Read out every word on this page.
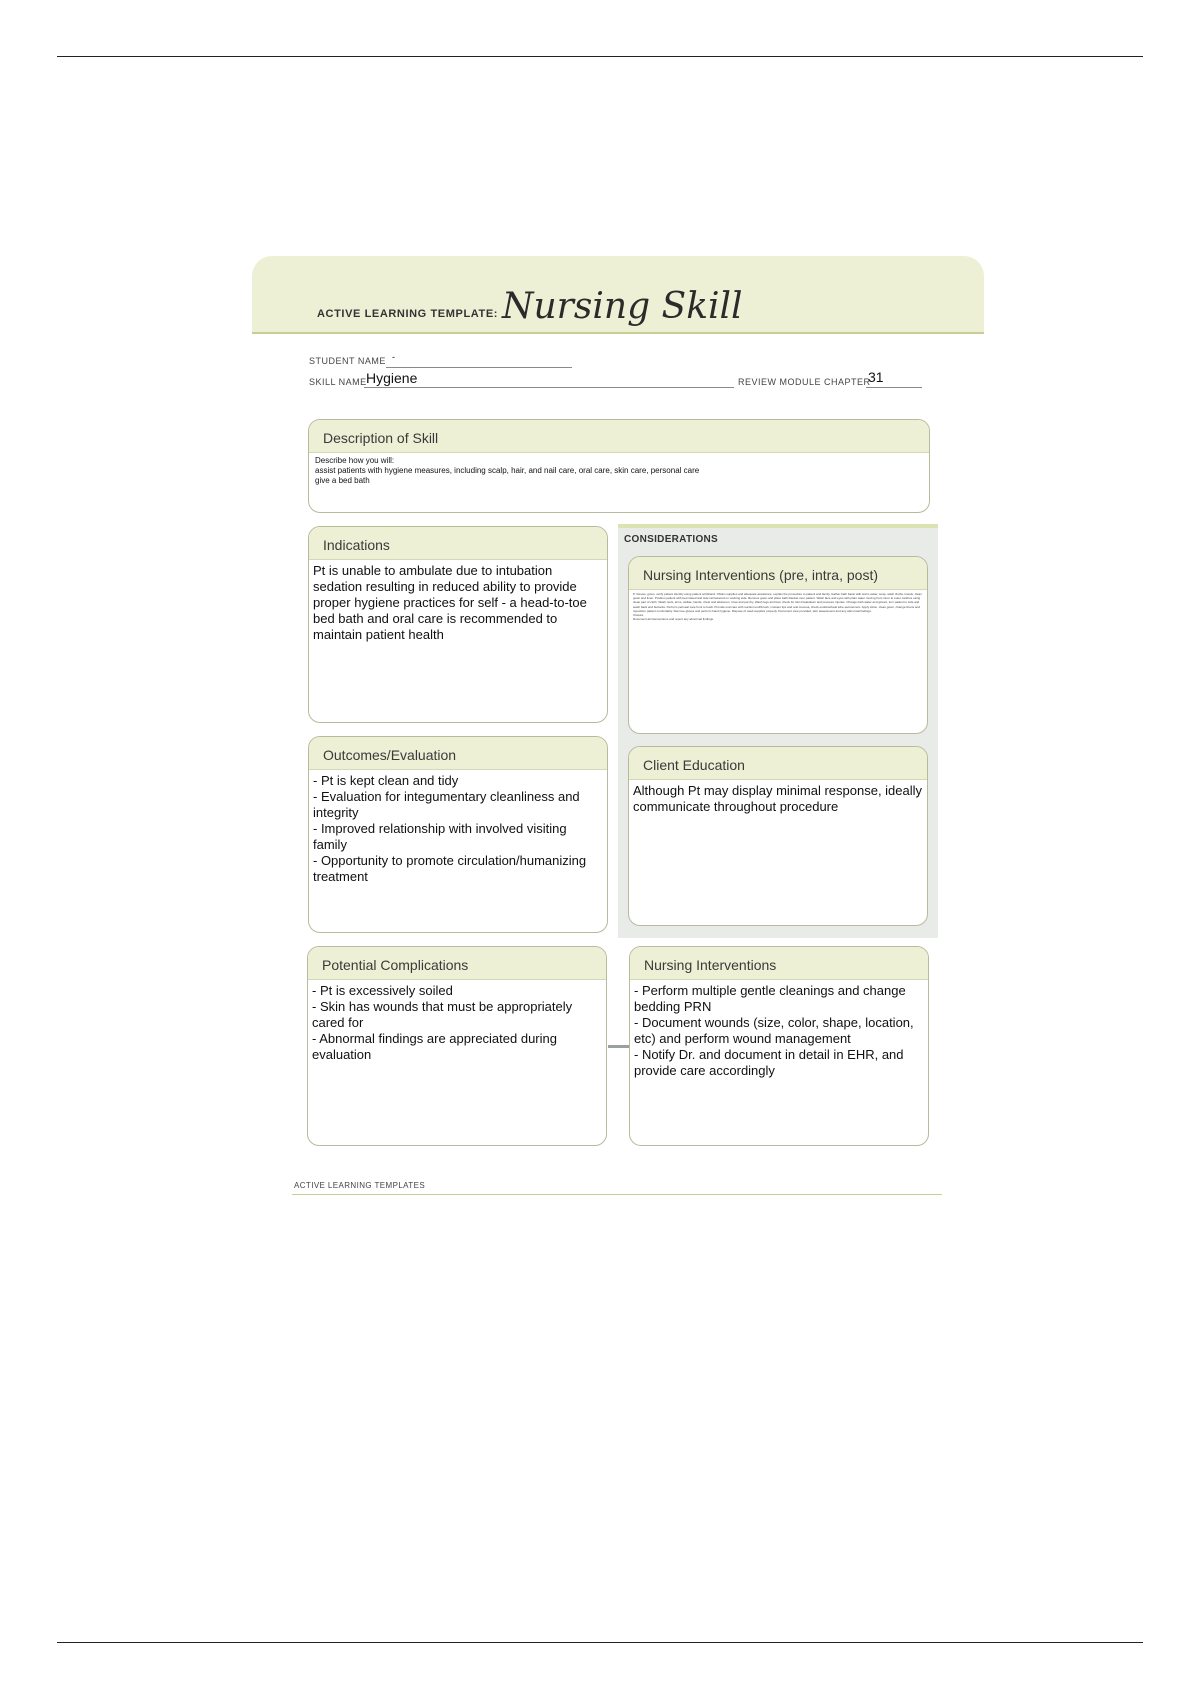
ACTIVE LEARNING TEMPLATE: Nursing Skill
STUDENT NAME -
SKILL NAME Hygiene	REVIEW MODULE CHAPTER
31
Description of Skill

Describe how you will:

assist patients with hygiene measures, including scalp, hair, and nail care, oral care, skin care, personal care

give a bed bath

Indications
Pt is unable to ambulate due to intubation sedation resulting in reduced ability to provide proper hygiene practices for self - a head-to-toe bed bath and oral care is recommended to maintain patient health
CONSIDERATIONS
Nursing Interventions (pre, intra, post)

P. Gloves, gown, verify patient identity using patient wristband. Obtain supplies and adequate assistance, explain the procedure to patient and family. Gather bath basin with warm water, soap, wash cloths, towels, clean gown and linen. Position patient with bed raised and side rail lowered on working side. Remove gown and place bath blanket over patient. Wash face and eyes with plain water moving from inner to outer canthus using clean part of cloth. Wash neck, arms, axillae, hands, chest and abdomen, rinse and pat dry. Wash legs and feet, check for skin breakdown and pressure injuries. Change bath water and gloves, turn patient to side and wash back and buttocks. Perform perineal care front to back. Provide oral care with suction toothbrush, moisten lips and oral mucosa, check endotracheal tube securement. Apply lotion, clean gown, change linens and reposition patient comfortably. Remove gloves and perform hand hygiene. Dispose of used supplies properly. Document care provided, skin assessment and any abnormal findings.

Closure

Document all interventions and report any abnormal findings.

Client Education
Although Pt may display minimal response, ideally communicate throughout procedure
Outcomes/Evaluation

- Pt is kept clean and tidy

- Evaluation for integumentary cleanliness and integrity

- Improved relationship with involved visiting family

- Opportunity to promote circulation/humanizing treatment

Potential Complications

- Pt is excessively soiled

- Skin has wounds that must be appropriately cared for

- Abnormal findings are appreciated during evaluation

Nursing Interventions

- Perform multiple gentle cleanings and change bedding PRN

- Document wounds (size, color, shape, location, etc) and perform wound management

- Notify Dr. and document in detail in EHR, and provide care accordingly

ACTIVE LEARNING TEMPLATES
